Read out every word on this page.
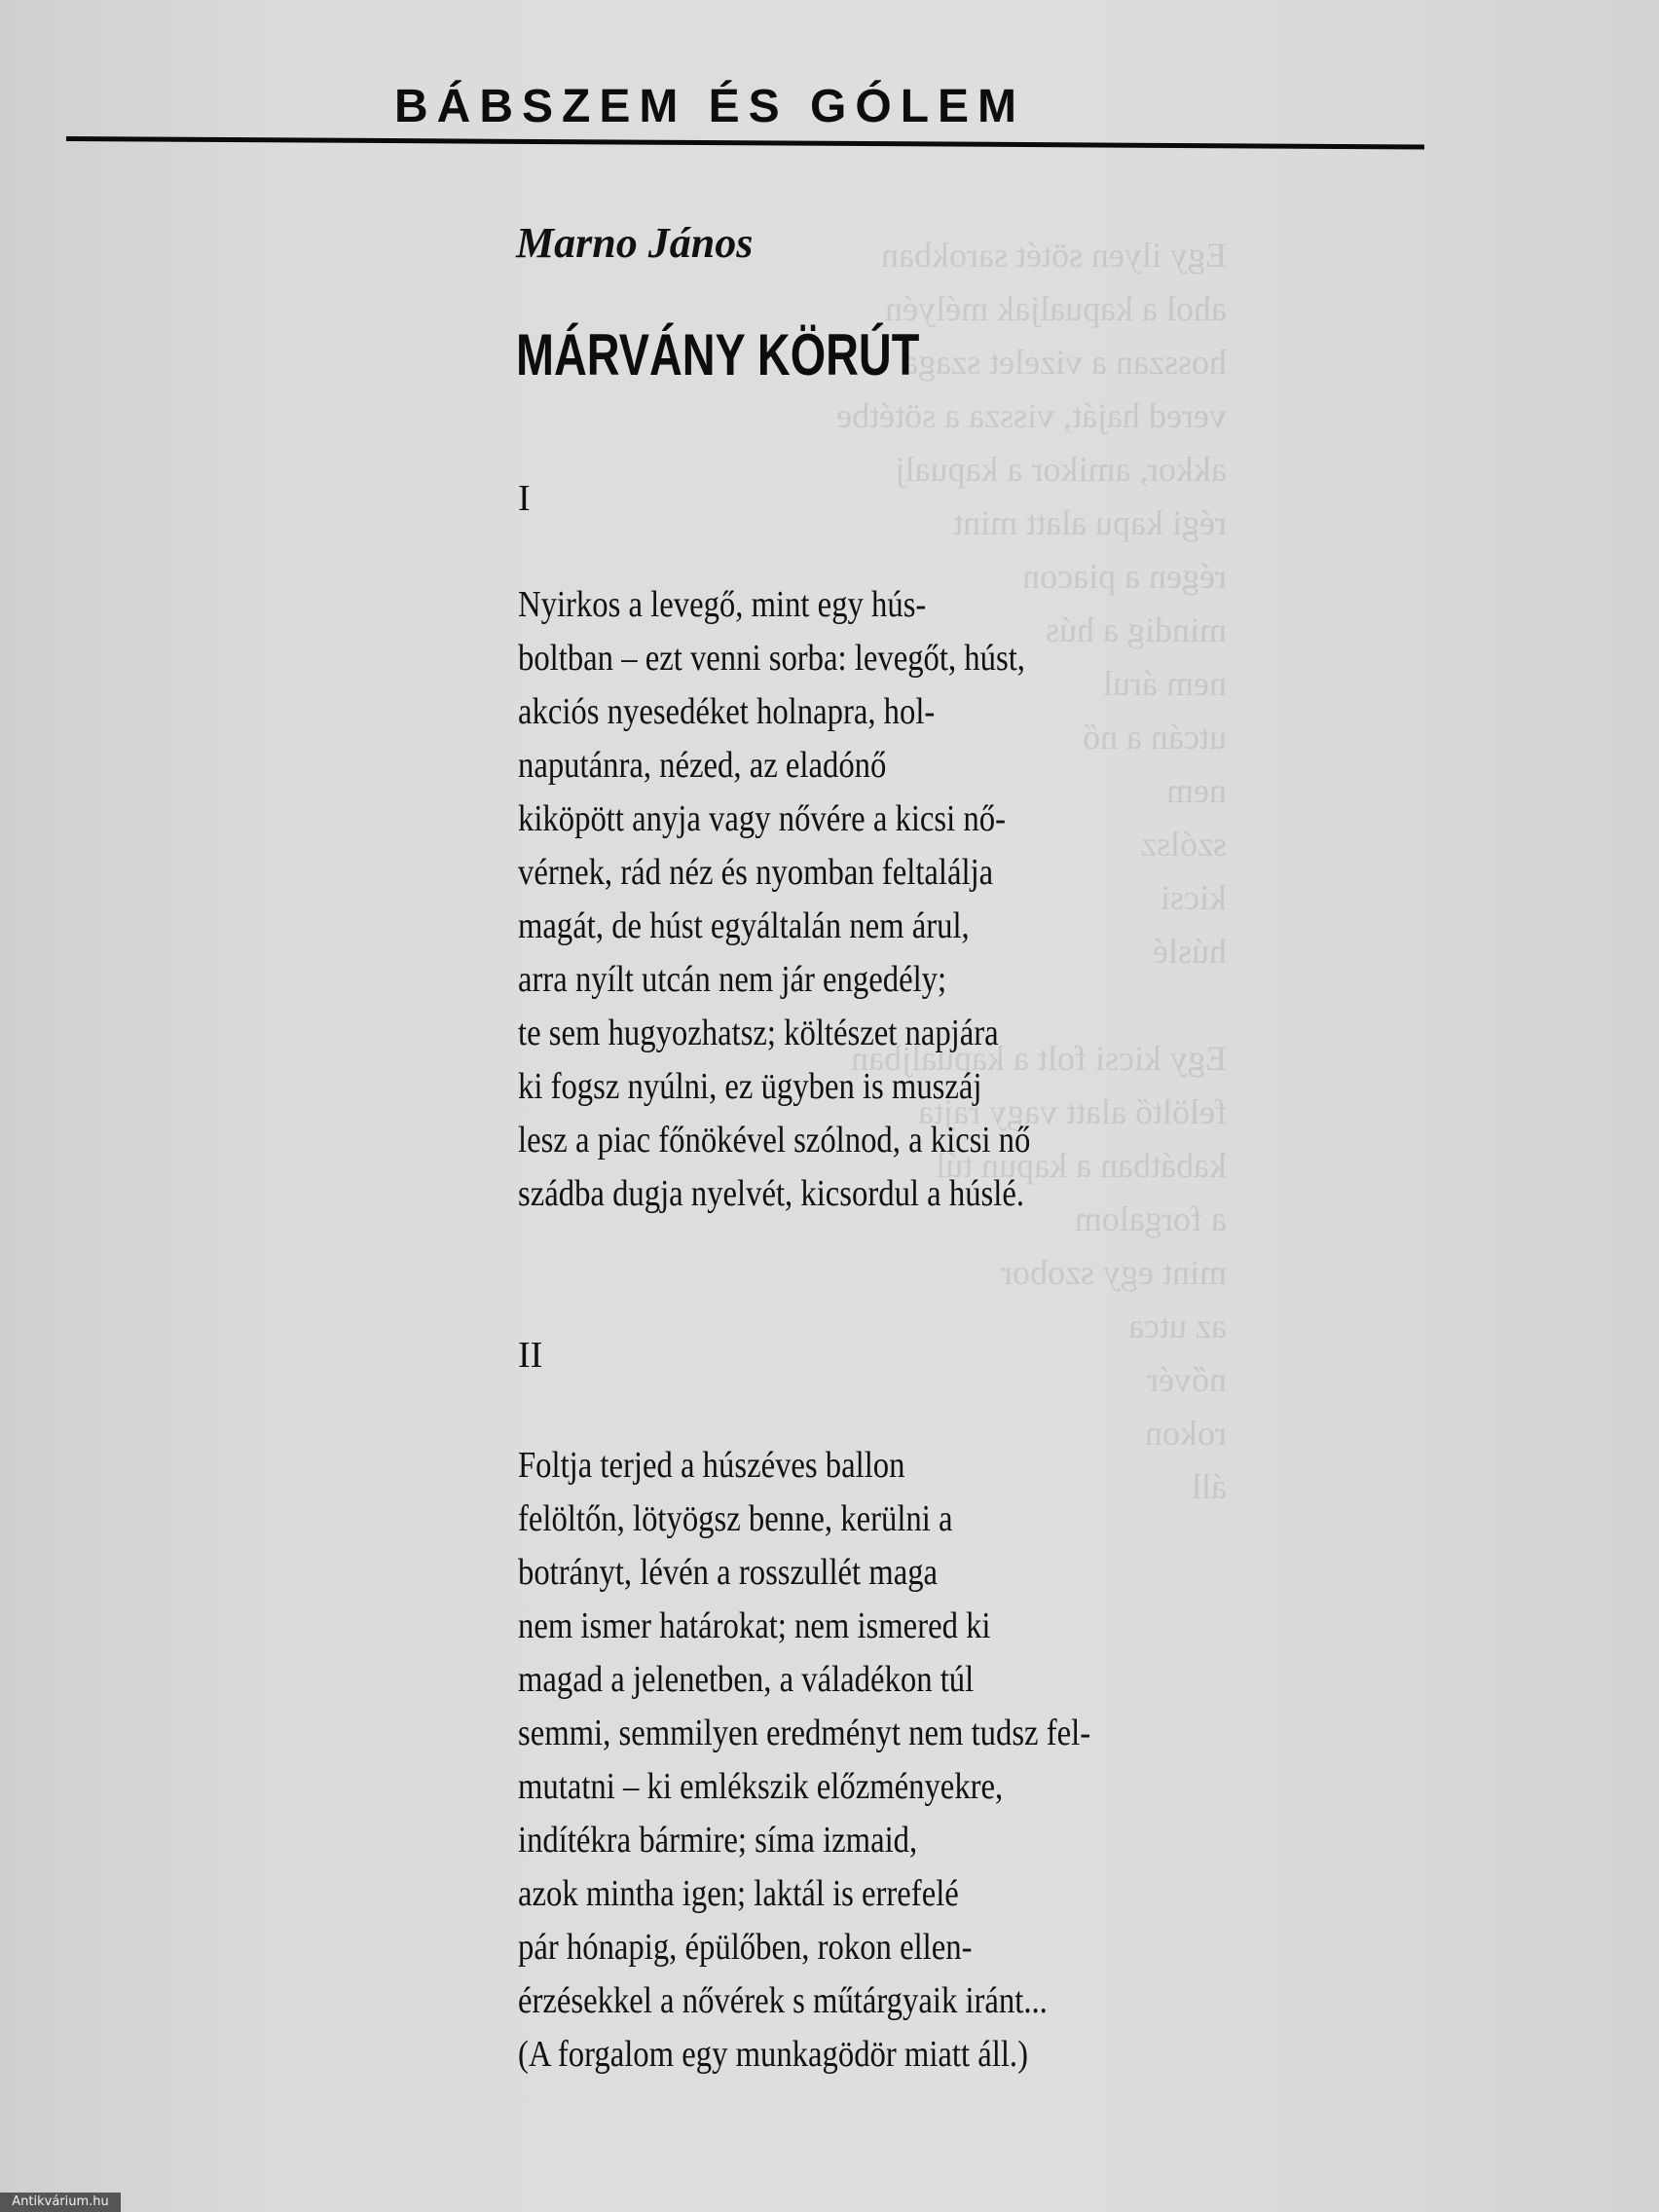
Egy ilyen sötét sarokban
ahol a kapualjak mélyén
hosszan a vizelet szaga
vered haját, vissza a sötétbe
akkor, amikor a kapualj
régi kapu alatt mint
régen a piacon
mindig a hús
nem árul
utcán a nő
nem
szólsz
kicsi
húslé

Egy kicsi folt a kapualjban
felöltő alatt vagy rajta
kabátban a kapun túl
a forgalom
mint egy szobor
az utca
nővér
rokon
áll

BÁBSZEM ÉS GÓLEM
Marno János
MÁRVÁNY KÖRÚT
I
Nyirkos a levegő, mint egy hús-
boltban – ezt venni sorba: levegőt, húst,
akciós nyesedéket holnapra, hol-
naputánra, nézed, az eladónő
kiköpött anyja vagy nővére a kicsi nő-
vérnek, rád néz és nyomban feltalálja
magát, de húst egyáltalán nem árul,
arra nyílt utcán nem jár engedély;
te sem hugyozhatsz; költészet napjára
ki fogsz nyúlni, ez ügyben is muszáj
lesz a piac főnökével szólnod, a kicsi nő
szádba dugja nyelvét, kicsordul a húslé.
II
Foltja terjed a húszéves ballon
felöltőn, lötyögsz benne, kerülni a
botrányt, lévén a rosszullét maga
nem ismer határokat; nem ismered ki
magad a jelenetben, a váladékon túl
semmi, semmilyen eredményt nem tudsz fel-
mutatni – ki emlékszik előzményekre,
indítékra bármire; síma izmaid,
azok mintha igen; laktál is errefelé
pár hónapig, épülőben, rokon ellen-
érzésekkel a nővérek s műtárgyaik iránt...
(A forgalom egy munkagödör miatt áll.)
Antikvárium.hu
